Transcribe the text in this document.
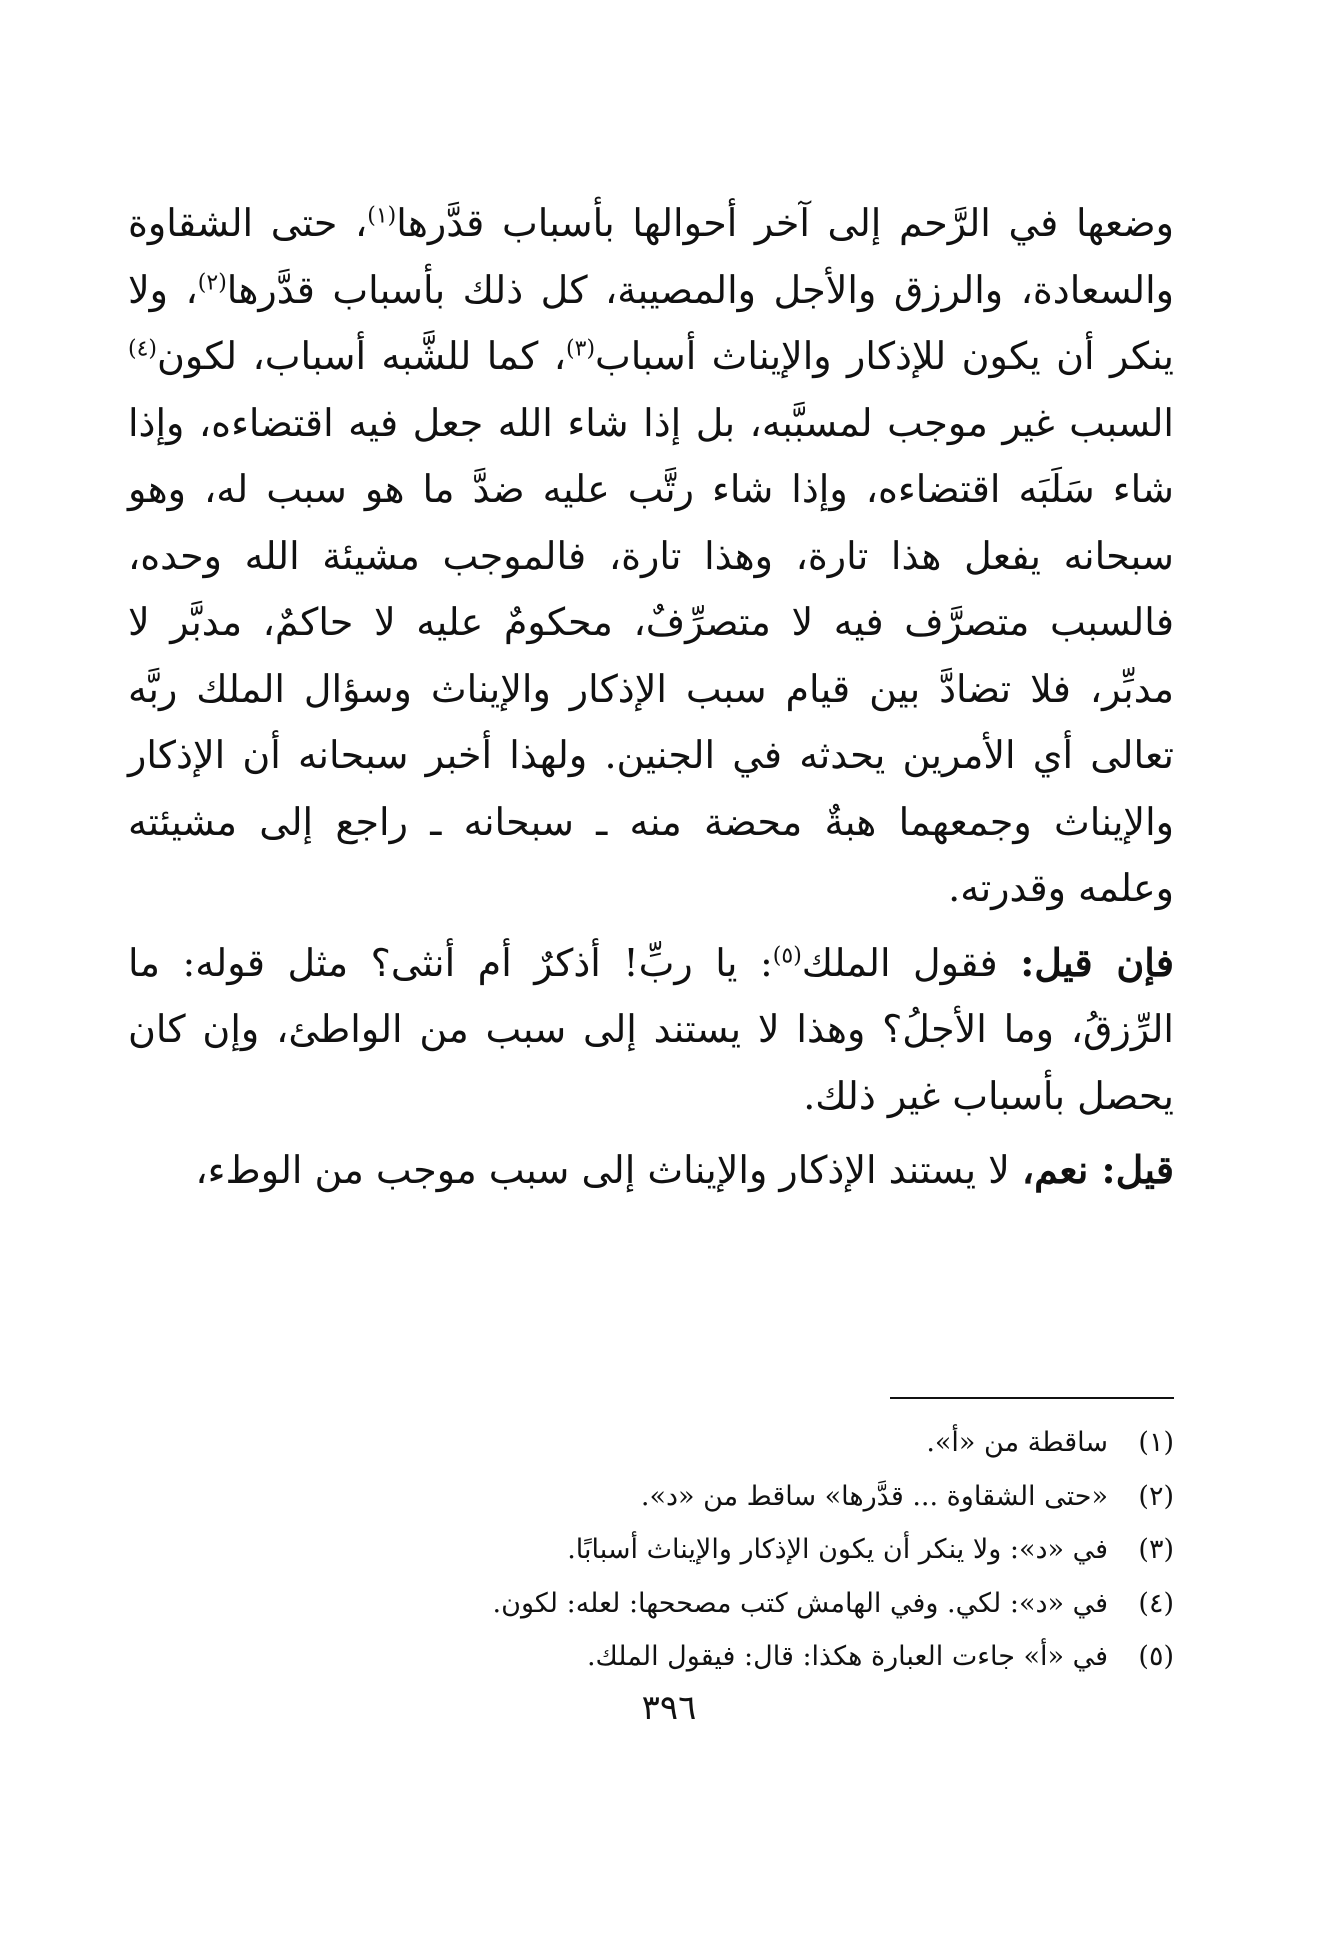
وضعها في الرَّحم إلى آخر أحوالها بأسباب قدَّرها$^{(١)}$، حتى الشقاوة والسعادة، والرزق والأجل والمصيبة، كل ذلك بأسباب قدَّرها$^{(٢)}$، ولا ينكر أن يكون للإذكار والإيناث أسباب$^{(٣)}$، كما للشَّبه أسباب، لكون$^{(٤)}$ السبب غير موجب لمسبَّبه، بل إذا شاء الله جعل فيه اقتضاءه، وإذا شاء سَلَبَه اقتضاءه، وإذا شاء رتَّب عليه ضدَّ ما هو سبب له، وهو سبحانه يفعل هذا تارة، وهذا تارة، فالموجب مشيئة الله وحده، فالسبب متصرَّف فيه لا متصرِّفٌ، محكومٌ عليه لا حاكمٌ، مدبَّر لا مدبِّر، فلا تضادَّ بين قيام سبب الإذكار والإيناث وسؤال الملك ربَّه تعالى أي الأمرين يحدثه في الجنين. ولهذا أخبر سبحانه أن الإذكار والإيناث وجمعهما هبةٌ محضة منه ـ سبحانه ـ راجع إلى مشيئته وعلمه وقدرته.

فإن قيل: فقول الملك$^{(٥)}$: يا ربِّ! أذكرٌ أم أنثى؟ مثل قوله: ما الرِّزقُ، وما الأجلُ؟ وهذا لا يستند إلى سبب من الواطئ، وإن كان يحصل بأسباب غير ذلك.

قيل: نعم، لا يستند الإذكار والإيناث إلى سبب موجب من الوطء،

(١)ساقطة من «أ».
(٢)«حتى الشقاوة ... قدَّرها» ساقط من «د».
(٣)في «د»: ولا ينكر أن يكون الإذكار والإيناث أسبابًا.
(٤)في «د»: لكي. وفي الهامش كتب مصححها: لعله: لكون.
(٥)في «أ» جاءت العبارة هكذا: قال: فيقول الملك.
٣٩٦
